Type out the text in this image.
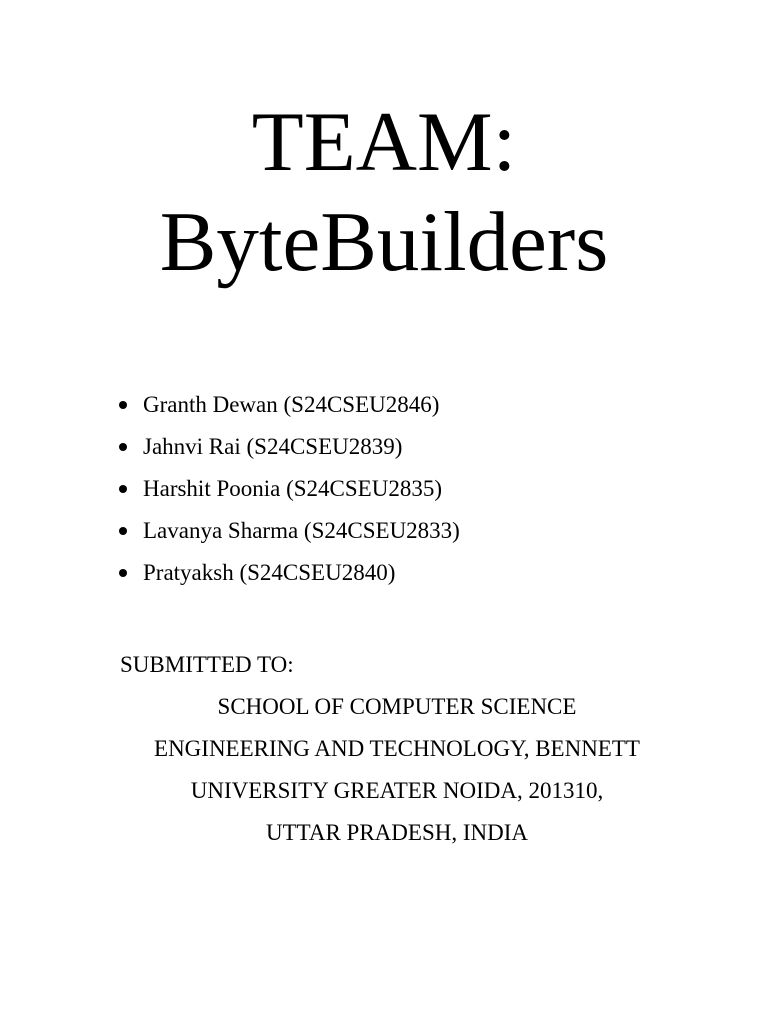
TEAM:
ByteBuilders
Granth Dewan (S24CSEU2846)
Jahnvi Rai (S24CSEU2839)
Harshit Poonia (S24CSEU2835)
Lavanya Sharma (S24CSEU2833)
Pratyaksh (S24CSEU2840)
SUBMITTED TO:
SCHOOL OF COMPUTER SCIENCE
ENGINEERING AND TECHNOLOGY, BENNETT
UNIVERSITY GREATER NOIDA, 201310,
UTTAR PRADESH, INDIA
